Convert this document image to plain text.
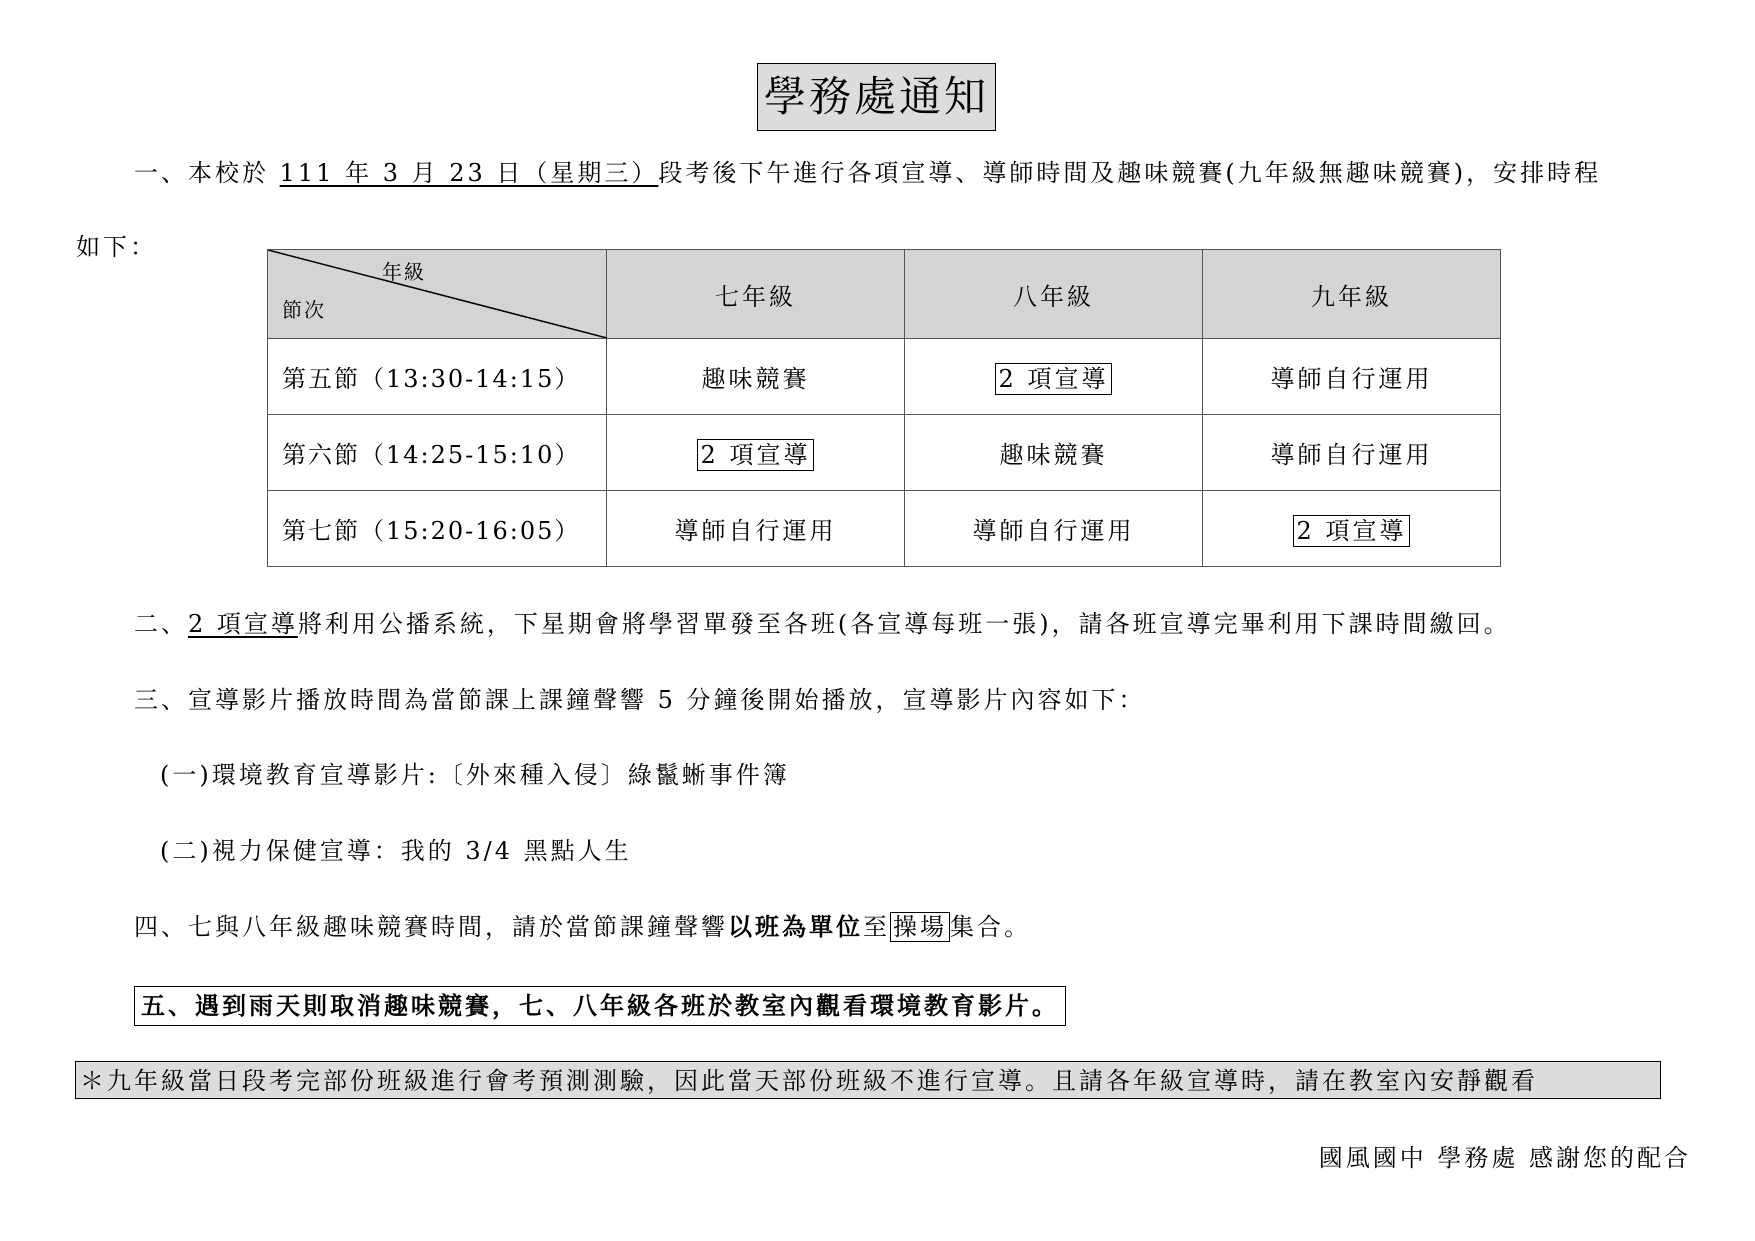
學務處通知
一、本校於 111 年 3 月 23 日（星期三）段考後下午進行各項宣導、導師時間及趣味競賽(九年級無趣味競賽)，安排時程
如下：
年級
節次	七年級	八年級	九年級
第五節（13:30-14:15）	趣味競賽	2 項宣導	導師自行運用
第六節（14:25-15:10）	2 項宣導	趣味競賽	導師自行運用
第七節（15:20-16:05）	導師自行運用	導師自行運用	2 項宣導
二、2 項宣導將利用公播系統，下星期會將學習單發至各班(各宣導每班一張)，請各班宣導完畢利用下課時間繳回。
三、宣導影片播放時間為當節課上課鐘聲響 5 分鐘後開始播放，宣導影片內容如下：
(一)環境教育宣導影片:〔外來種入侵〕綠鬣蜥事件簿
(二)視力保健宣導：我的 3/4 黑點人生
四、七與八年級趣味競賽時間，請於當節課鐘聲響以班為單位至 操場 集合。
五、遇到雨天則取消趣味競賽，七、八年級各班於教室內觀看環境教育影片。
＊九年級當日段考完部份班級進行會考預測測驗，因此當天部份班級不進行宣導。且請各年級宣導時，請在教室內安靜觀看
國風國中 學務處 感謝您的配合
